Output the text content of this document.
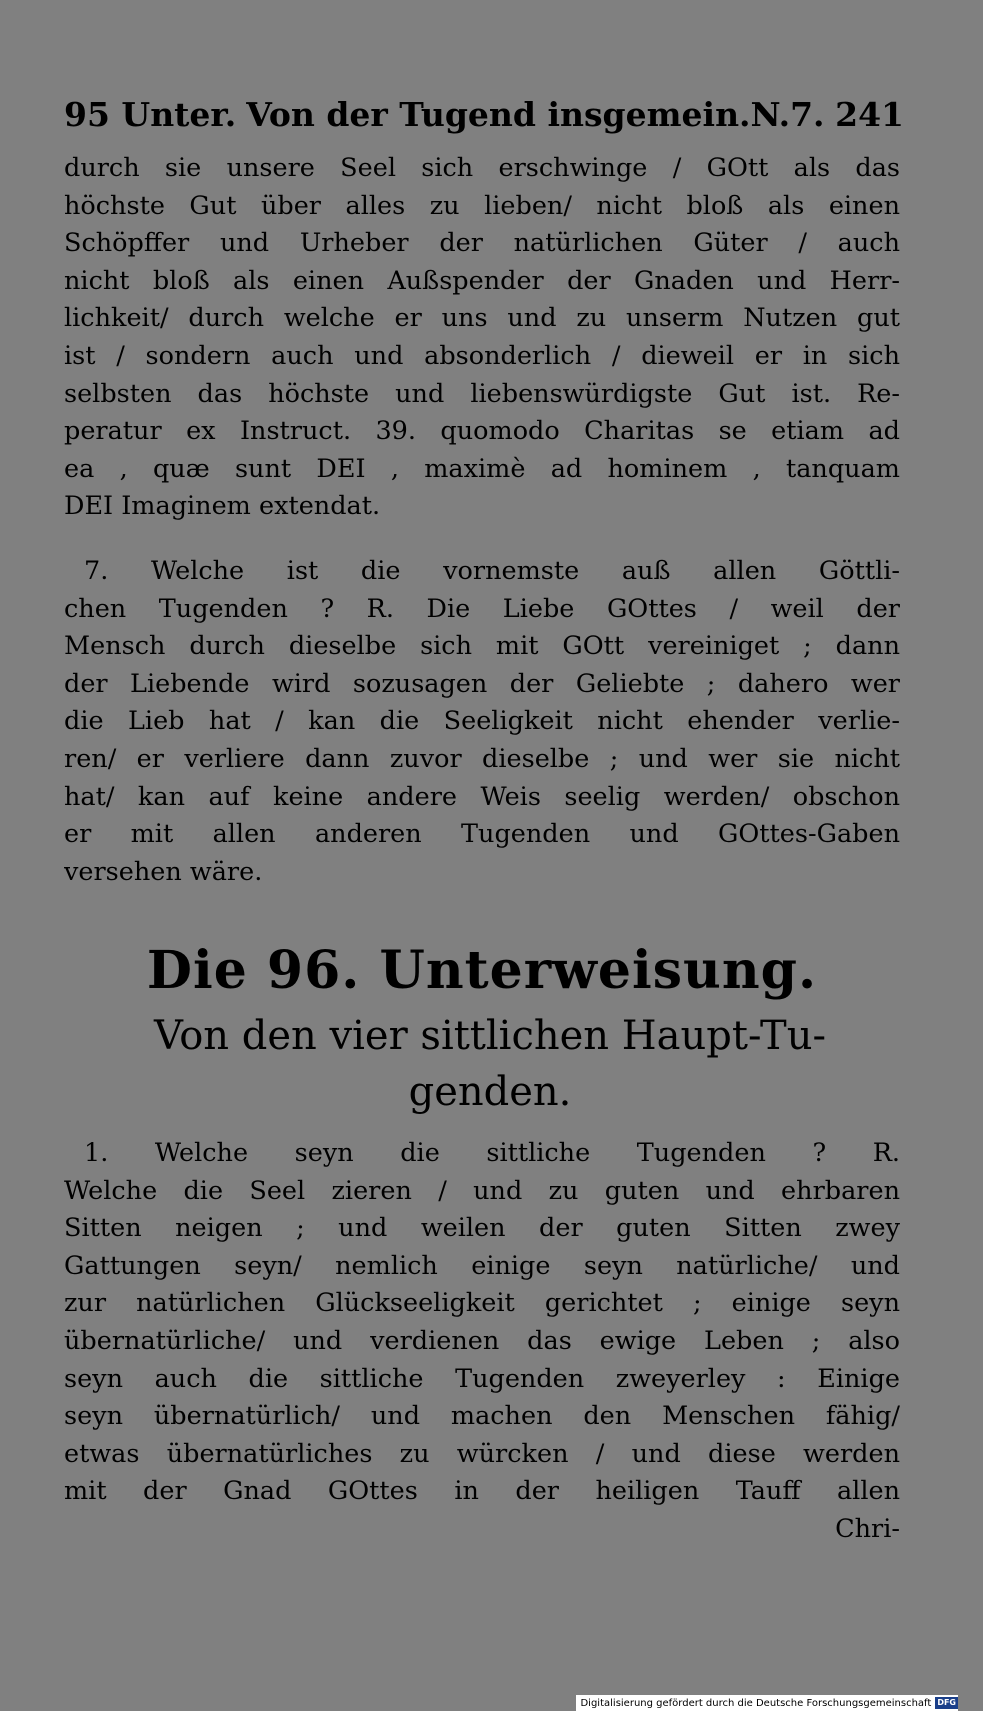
95 Unter. Von der Tugend insgemein.N.7. 241
durch sie unsere Seel sich erschwinge / GOtt als das
höchste Gut über alles zu lieben/ nicht bloß als einen
Schöpffer und Urheber der natürlichen Güter / auch
nicht bloß als einen Außspender der Gnaden und Herr-
lichkeit/ durch welche er uns und zu unserm Nutzen gut
ist / sondern auch und absonderlich / dieweil er in sich
selbsten das höchste und liebenswürdigste Gut ist. Re-
peratur ex Instruct. 39. quomodo Charitas se etiam ad
ea , quæ sunt DEI , maximè ad hominem , tanquam
DEI Imaginem extendat.
7. Welche ist die vornemste auß allen Göttli-
chen Tugenden ? R. Die Liebe GOttes / weil der
Mensch durch dieselbe sich mit GOtt vereiniget ; dann
der Liebende wird sozusagen der Geliebte ; dahero wer
die Lieb hat / kan die Seeligkeit nicht ehender verlie-
ren/ er verliere dann zuvor dieselbe ; und wer sie nicht
hat/ kan auf keine andere Weis seelig werden/ obschon
er mit allen anderen Tugenden und GOttes-Gaben
versehen wäre.
Die 96. Unterweisung.
Von den vier sittlichen Haupt-Tu-
genden.
1. Welche seyn die sittliche Tugenden ? R.
Welche die Seel zieren / und zu guten und ehrbaren
Sitten neigen ; und weilen der guten Sitten zwey
Gattungen seyn/ nemlich einige seyn natürliche/ und
zur natürlichen Glückseeligkeit gerichtet ; einige seyn
übernatürliche/ und verdienen das ewige Leben ; also
seyn auch die sittliche Tugenden zweyerley : Einige
seyn übernatürlich/ und machen den Menschen fähig/
etwas übernatürliches zu würcken / und diese werden
mit der Gnad GOttes in der heiligen Tauff allen
Chri-
Digitalisierung gefördert durch die Deutsche Forschungsgemeinschaft DFG
